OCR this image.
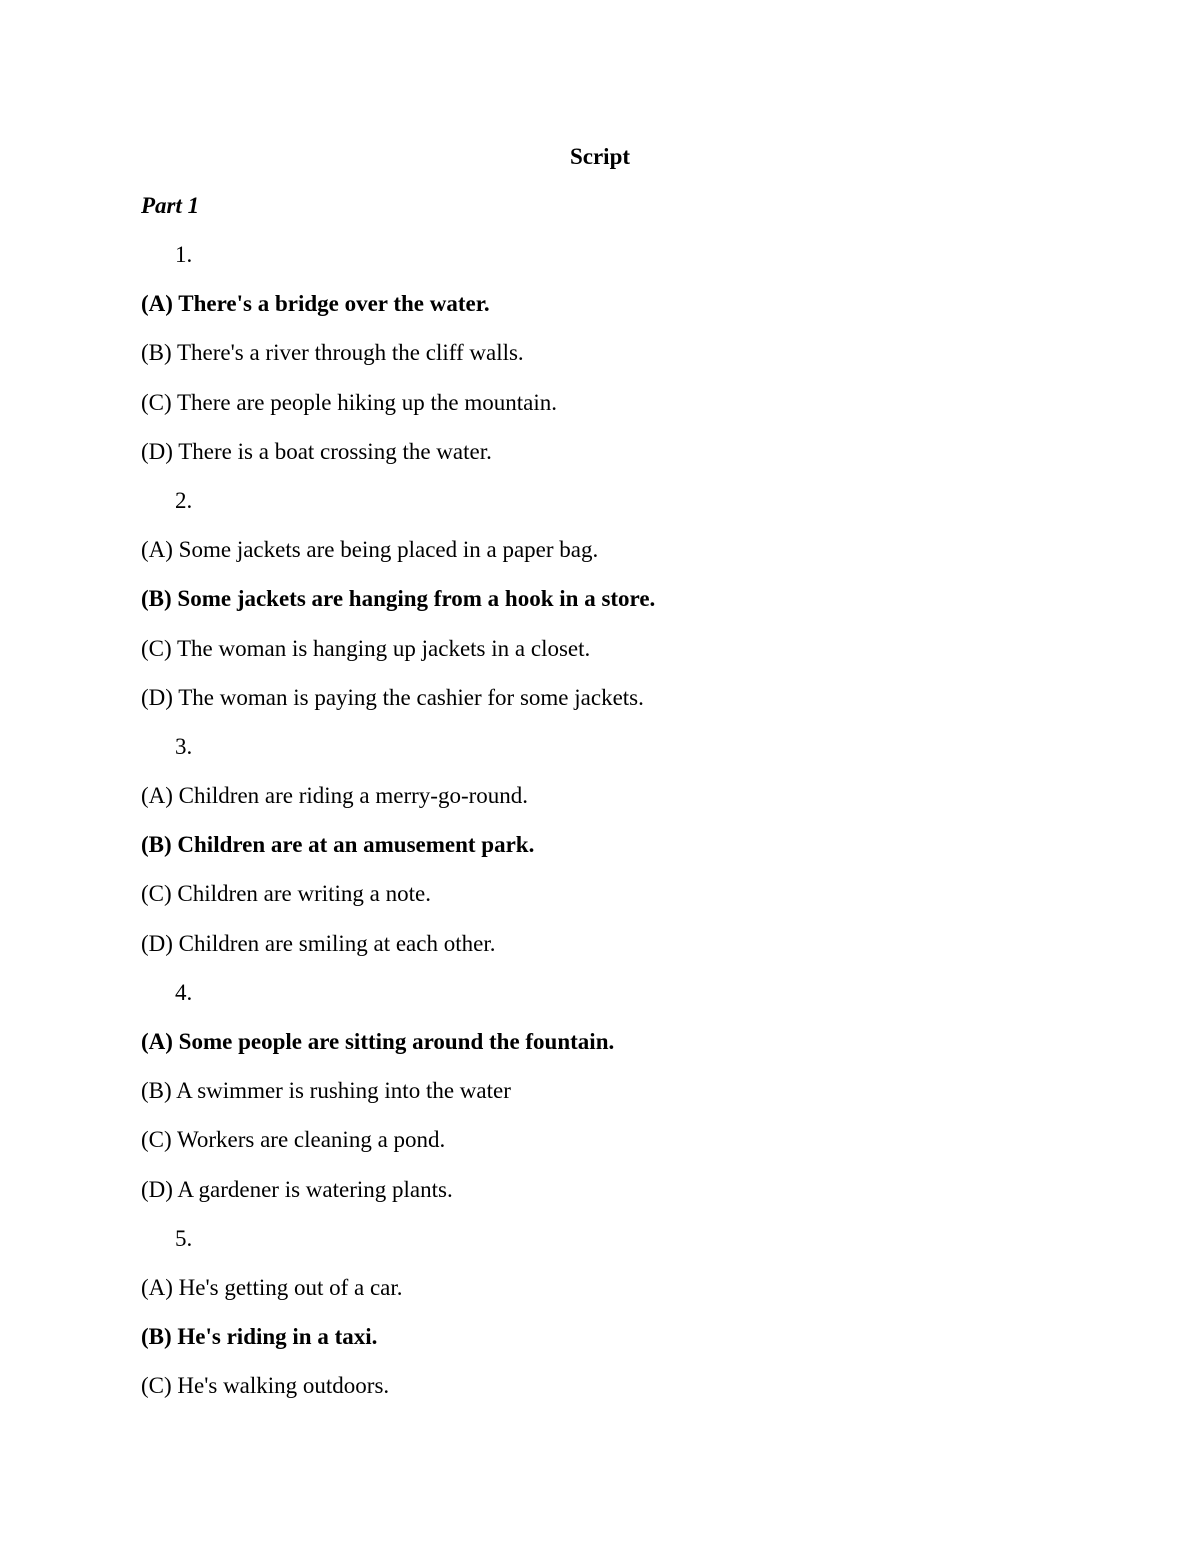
Script
Part 1
1.
(A) There's a bridge over the water.
(B) There's a river through the cliff walls.
(C) There are people hiking up the mountain.
(D) There is a boat crossing the water.
2.
(A) Some jackets are being placed in a paper bag.
(B) Some jackets are hanging from a hook in a store.
(C) The woman is hanging up jackets in a closet.
(D) The woman is paying the cashier for some jackets.
3.
(A) Children are riding a merry-go-round.
(B) Children are at an amusement park.
(C) Children are writing a note.
(D) Children are smiling at each other.
4.
(A) Some people are sitting around the fountain.
(B) A swimmer is rushing into the water
(C) Workers are cleaning a pond.
(D) A gardener is watering plants.
5.
(A) He's getting out of a car.
(B) He's riding in a taxi.
(C) He's walking outdoors.
